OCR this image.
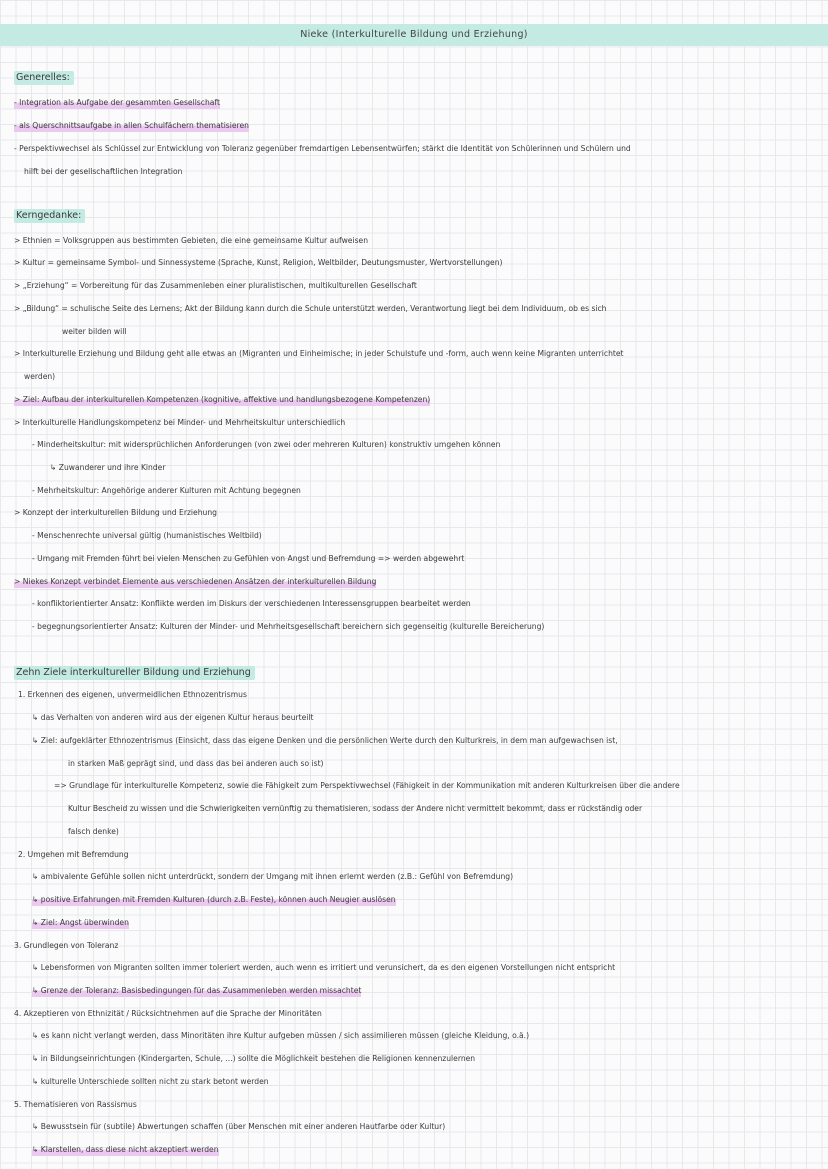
Nieke (Interkulturelle Bildung und Erziehung)
Generelles:
- Integration als Aufgabe der gesammten Gesellschaft
- als Querschnittsaufgabe in allen Schulfächern thematisieren
- Perspektivwechsel als Schlüssel zur Entwicklung von Toleranz gegenüber fremdartigen Lebensentwürfen; stärkt die Identität von Schülerinnen und Schülern und
hilft bei der gesellschaftlichen Integration
Kerngedanke:
> Ethnien = Volksgruppen aus bestimmten Gebieten, die eine gemeinsame Kultur aufweisen
> Kultur = gemeinsame Symbol- und Sinnessysteme (Sprache, Kunst, Religion, Weltbilder, Deutungsmuster, Wertvorstellungen)
> „Erziehung“ = Vorbereitung für das Zusammenleben einer pluralistischen, multikulturellen Gesellschaft
> „Bildung“ = schulische Seite des Lernens; Akt der Bildung kann durch die Schule unterstützt werden, Verantwortung liegt bei dem Individuum, ob es sich
weiter bilden will
> Interkulturelle Erziehung und Bildung geht alle etwas an (Migranten und Einheimische; in jeder Schulstufe und -form, auch wenn keine Migranten unterrichtet
werden)
> Ziel: Aufbau der interkulturellen Kompetenzen (kognitive, affektive und handlungsbezogene Kompetenzen)
> Interkulturelle Handlungskompetenz bei Minder- und Mehrheitskultur unterschiedlich
- Minderheitskultur: mit widersprüchlichen Anforderungen (von zwei oder mehreren Kulturen) konstruktiv umgehen können
↳ Zuwanderer und ihre Kinder
- Mehrheitskultur: Angehörige anderer Kulturen mit Achtung begegnen
> Konzept der interkulturellen Bildung und Erziehung
- Menschenrechte universal gültig (humanistisches Weltbild)
- Umgang mit Fremden führt bei vielen Menschen zu Gefühlen von Angst und Befremdung => werden abgewehrt
> Niekes Konzept verbindet Elemente aus verschiedenen Ansätzen der interkulturellen Bildung
- konfliktorientierter Ansatz: Konflikte werden im Diskurs der verschiedenen Interessensgruppen bearbeitet werden
- begegnungsorientierter Ansatz: Kulturen der Minder- und Mehrheitsgesellschaft bereichern sich gegenseitig (kulturelle Bereicherung)
Zehn Ziele interkultureller Bildung und Erziehung
1. Erkennen des eigenen, unvermeidlichen Ethnozentrismus
↳ das Verhalten von anderen wird aus der eigenen Kultur heraus beurteilt
↳ Ziel: aufgeklärter Ethnozentrismus (Einsicht, dass das eigene Denken und die persönlichen Werte durch den Kulturkreis, in dem man aufgewachsen ist,
in starken Maß geprägt sind, und dass das bei anderen auch so ist)
=> Grundlage für interkulturelle Kompetenz, sowie die Fähigkeit zum Perspektivwechsel (Fähigkeit in der Kommunikation mit anderen Kulturkreisen über die andere
Kultur Bescheid zu wissen und die Schwierigkeiten vernünftig zu thematisieren, sodass der Andere nicht vermittelt bekommt, dass er rückständig oder
falsch denke)
2. Umgehen mit Befremdung
↳ ambivalente Gefühle sollen nicht unterdrückt, sondern der Umgang mit ihnen erlernt werden (z.B.: Gefühl von Befremdung)
↳ positive Erfahrungen mit Fremden Kulturen (durch z.B. Feste), können auch Neugier auslösen
↳ Ziel: Angst überwinden
3. Grundlegen von Toleranz
↳ Lebensformen von Migranten sollten immer toleriert werden, auch wenn es irritiert und verunsichert, da es den eigenen Vorstellungen nicht entspricht
↳ Grenze der Toleranz: Basisbedingungen für das Zusammenleben werden missachtet
4. Akzeptieren von Ethnizität / Rücksichtnehmen auf die Sprache der Minoritäten
↳ es kann nicht verlangt werden, dass Minoritäten ihre Kultur aufgeben müssen / sich assimilieren müssen (gleiche Kleidung, o.ä.)
↳ in Bildungseinrichtungen (Kindergarten, Schule, ...) sollte die Möglichkeit bestehen die Religionen kennenzulernen
↳ kulturelle Unterschiede sollten nicht zu stark betont werden
5. Thematisieren von Rassismus
↳ Bewusstsein für (subtile) Abwertungen schaffen (über Menschen mit einer anderen Hautfarbe oder Kultur)
↳ Klarstellen, dass diese nicht akzeptiert werden
